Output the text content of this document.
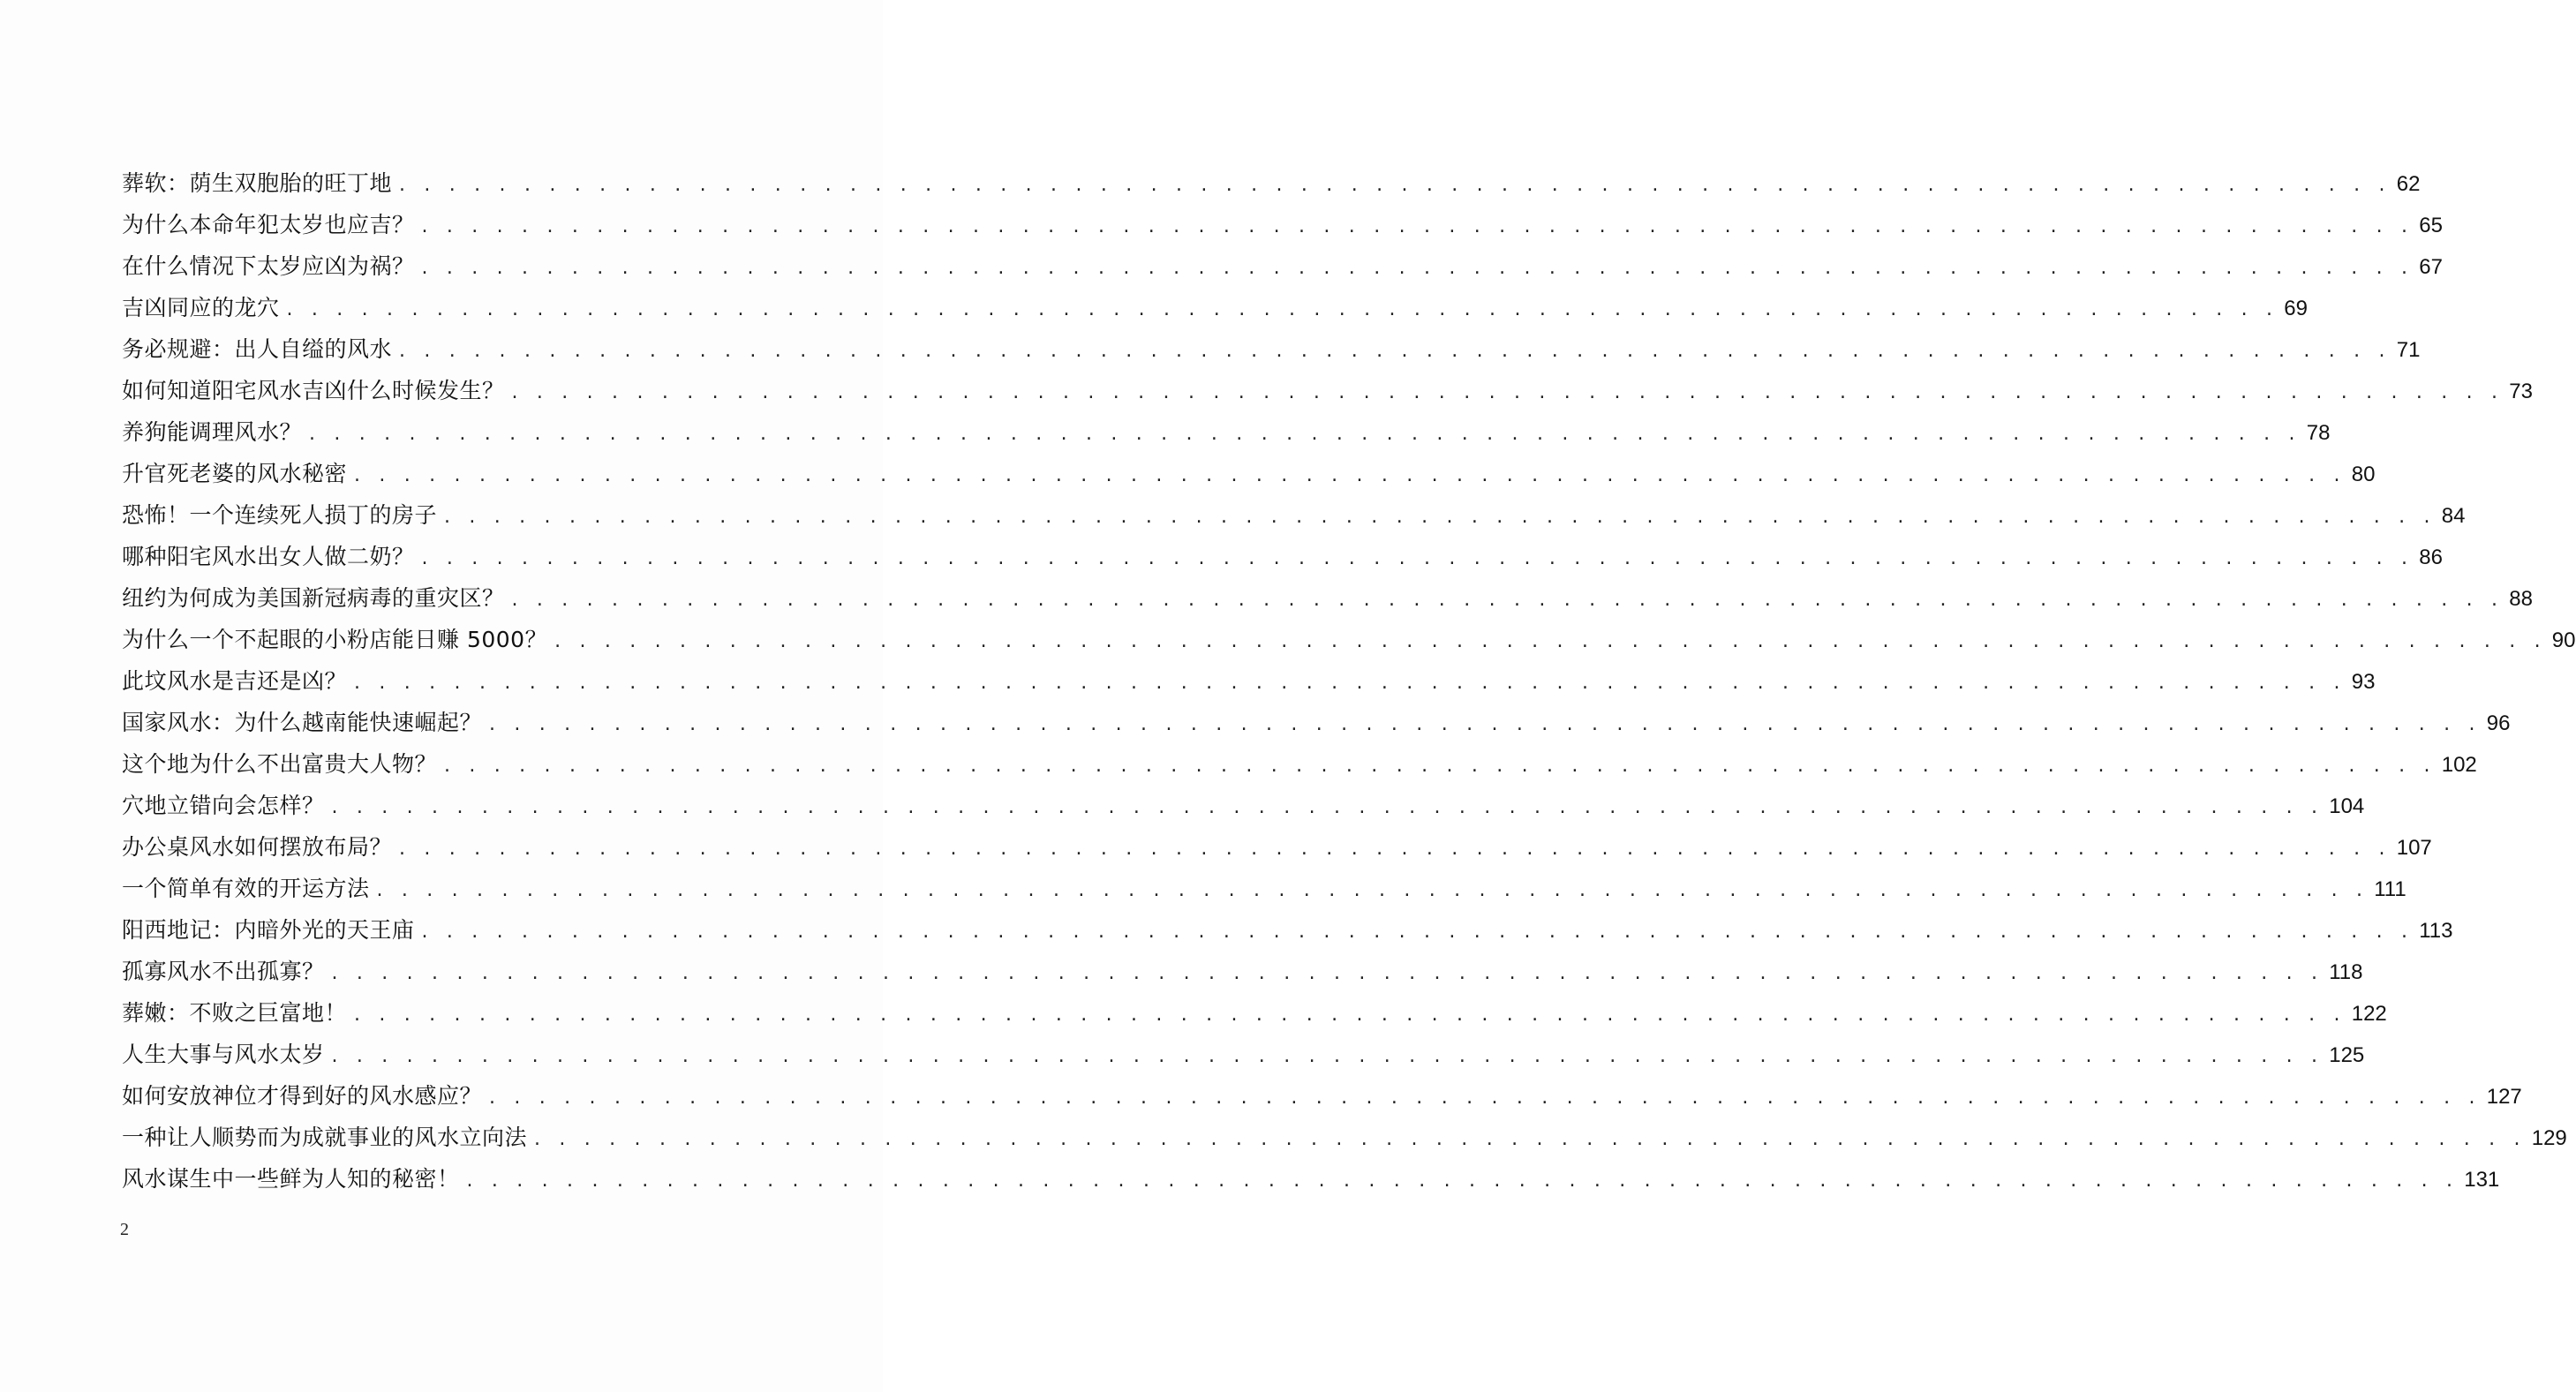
葬软：荫生双胞胎的旺丁地 . . . . . . . . . . . . . . . . . . . . . . . . . . . . . . . . . . . . . . . . . . . . . . . . . . . . . . . . . . . . . . . . . . . . . . . . . . . . . . . . 62
为什么本命年犯太岁也应吉？ . . . . . . . . . . . . . . . . . . . . . . . . . . . . . . . . . . . . . . . . . . . . . . . . . . . . . . . . . . . . . . . . . . . . . . . . . . . . . . . . 65
在什么情况下太岁应凶为祸？ . . . . . . . . . . . . . . . . . . . . . . . . . . . . . . . . . . . . . . . . . . . . . . . . . . . . . . . . . . . . . . . . . . . . . . . . . . . . . . . . 67
吉凶同应的龙穴 . . . . . . . . . . . . . . . . . . . . . . . . . . . . . . . . . . . . . . . . . . . . . . . . . . . . . . . . . . . . . . . . . . . . . . . . . . . . . . . . 69
务必规避：出人自缢的风水 . . . . . . . . . . . . . . . . . . . . . . . . . . . . . . . . . . . . . . . . . . . . . . . . . . . . . . . . . . . . . . . . . . . . . . . . . . . . . . . . 71
如何知道阳宅风水吉凶什么时候发生？ . . . . . . . . . . . . . . . . . . . . . . . . . . . . . . . . . . . . . . . . . . . . . . . . . . . . . . . . . . . . . . . . . . . . . . . . . . . . . . . . 73
养狗能调理风水？ . . . . . . . . . . . . . . . . . . . . . . . . . . . . . . . . . . . . . . . . . . . . . . . . . . . . . . . . . . . . . . . . . . . . . . . . . . . . . . . . 78
升官死老婆的风水秘密 . . . . . . . . . . . . . . . . . . . . . . . . . . . . . . . . . . . . . . . . . . . . . . . . . . . . . . . . . . . . . . . . . . . . . . . . . . . . . . . . 80
恐怖！一个连续死人损丁的房子 . . . . . . . . . . . . . . . . . . . . . . . . . . . . . . . . . . . . . . . . . . . . . . . . . . . . . . . . . . . . . . . . . . . . . . . . . . . . . . . . 84
哪种阳宅风水出女人做二奶？ . . . . . . . . . . . . . . . . . . . . . . . . . . . . . . . . . . . . . . . . . . . . . . . . . . . . . . . . . . . . . . . . . . . . . . . . . . . . . . . . 86
纽约为何成为美国新冠病毒的重灾区？ . . . . . . . . . . . . . . . . . . . . . . . . . . . . . . . . . . . . . . . . . . . . . . . . . . . . . . . . . . . . . . . . . . . . . . . . . . . . . . . . 88
为什么一个不起眼的小粉店能日赚 5000？ . . . . . . . . . . . . . . . . . . . . . . . . . . . . . . . . . . . . . . . . . . . . . . . . . . . . . . . . . . . . . . . . . . . . . . . . . . . . . . . . 90
此坟风水是吉还是凶？ . . . . . . . . . . . . . . . . . . . . . . . . . . . . . . . . . . . . . . . . . . . . . . . . . . . . . . . . . . . . . . . . . . . . . . . . . . . . . . . . 93
国家风水：为什么越南能快速崛起？ . . . . . . . . . . . . . . . . . . . . . . . . . . . . . . . . . . . . . . . . . . . . . . . . . . . . . . . . . . . . . . . . . . . . . . . . . . . . . . . . 96
这个地为什么不出富贵大人物？ . . . . . . . . . . . . . . . . . . . . . . . . . . . . . . . . . . . . . . . . . . . . . . . . . . . . . . . . . . . . . . . . . . . . . . . . . . . . . . . . 102
穴地立错向会怎样？ . . . . . . . . . . . . . . . . . . . . . . . . . . . . . . . . . . . . . . . . . . . . . . . . . . . . . . . . . . . . . . . . . . . . . . . . . . . . . . . . 104
办公桌风水如何摆放布局？ . . . . . . . . . . . . . . . . . . . . . . . . . . . . . . . . . . . . . . . . . . . . . . . . . . . . . . . . . . . . . . . . . . . . . . . . . . . . . . . . 107
一个简单有效的开运方法 . . . . . . . . . . . . . . . . . . . . . . . . . . . . . . . . . . . . . . . . . . . . . . . . . . . . . . . . . . . . . . . . . . . . . . . . . . . . . . . . 111
阳西地记：内暗外光的天王庙 . . . . . . . . . . . . . . . . . . . . . . . . . . . . . . . . . . . . . . . . . . . . . . . . . . . . . . . . . . . . . . . . . . . . . . . . . . . . . . . . 113
孤寡风水不出孤寡？ . . . . . . . . . . . . . . . . . . . . . . . . . . . . . . . . . . . . . . . . . . . . . . . . . . . . . . . . . . . . . . . . . . . . . . . . . . . . . . . . 118
葬嫩：不败之巨富地！ . . . . . . . . . . . . . . . . . . . . . . . . . . . . . . . . . . . . . . . . . . . . . . . . . . . . . . . . . . . . . . . . . . . . . . . . . . . . . . . . 122
人生大事与风水太岁 . . . . . . . . . . . . . . . . . . . . . . . . . . . . . . . . . . . . . . . . . . . . . . . . . . . . . . . . . . . . . . . . . . . . . . . . . . . . . . . . 125
如何安放神位才得到好的风水感应？ . . . . . . . . . . . . . . . . . . . . . . . . . . . . . . . . . . . . . . . . . . . . . . . . . . . . . . . . . . . . . . . . . . . . . . . . . . . . . . . . 127
一种让人顺势而为成就事业的风水立向法 . . . . . . . . . . . . . . . . . . . . . . . . . . . . . . . . . . . . . . . . . . . . . . . . . . . . . . . . . . . . . . . . . . . . . . . . . . . . . . . . 129
风水谋生中一些鲜为人知的秘密！ . . . . . . . . . . . . . . . . . . . . . . . . . . . . . . . . . . . . . . . . . . . . . . . . . . . . . . . . . . . . . . . . . . . . . . . . . . . . . . . . 131
2
